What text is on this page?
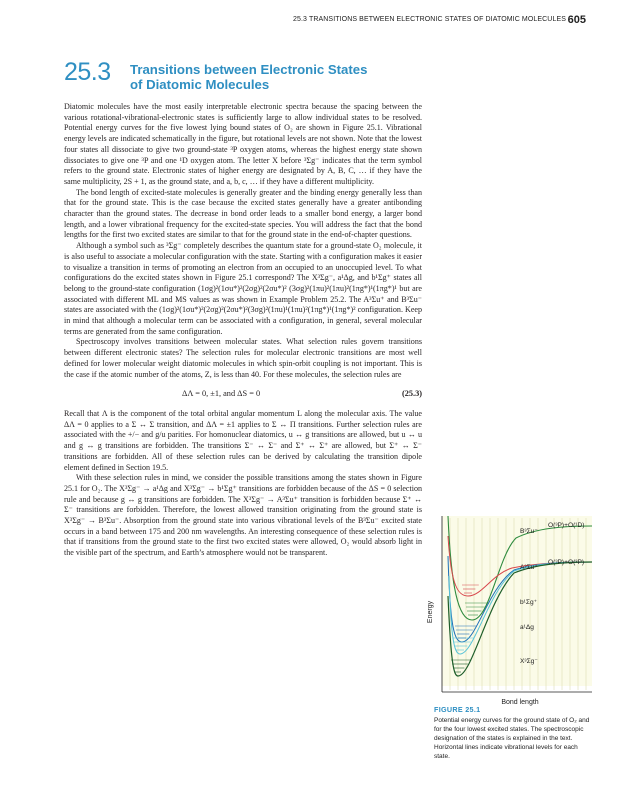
25.3 TRANSITIONS BETWEEN ELECTRONIC STATES OF DIATOMIC MOLECULES 605
25.3 Transitions between Electronic States
of Diatomic Molecules

Diatomic molecules have the most easily interpretable electronic spectra because the spacing between the various rotational-vibrational-electronic states is sufficiently large to allow individual states to be resolved. Potential energy curves for the five lowest lying bound states of O₂ are shown in Figure 25.1. Vibrational energy levels are indicated schematically in the figure, but rotational levels are not shown. Note that the lowest four states all dissociate to give two ground-state ³P oxygen atoms, whereas the highest energy state shown dissociates to give one ³P and one ¹D oxygen atom. The letter X before ³Σg⁻ indicates that the term symbol refers to the ground state. Electronic states of higher energy are designated by A, B, C, … if they have the same multiplicity, 2S + 1, as the ground state, and a, b, c, … if they have a different multiplicity.

The bond length of excited-state molecules is generally greater and the binding energy generally less than that for the ground state. This is the case because the excited states generally have a greater antibonding character than the ground states. The decrease in bond order leads to a smaller bond energy, a larger bond length, and a lower vibrational frequency for the excited-state species. You will address the fact that the bond lengths for the first two excited states are similar to that for the ground state in the end-of-chapter questions.

Although a symbol such as ³Σg⁻ completely describes the quantum state for a ground-state O₂ molecule, it is also useful to associate a molecular configuration with the state. Starting with a configuration makes it easier to visualize a transition in terms of promoting an electron from an occupied to an unoccupied level. To what configurations do the excited states shown in Figure 25.1 correspond? The X³Σg⁻, a¹Δg, and b¹Σg⁺ states all belong to the ground-state configuration (1σg)²(1σu*)²(2σg)²(2σu*)² (3σg)²(1πu)²(1πu)²(1πg*)¹(1πg*)¹ but are associated with different ML and MS values as was shown in Example Problem 25.2. The A³Σu⁺ and B³Σu⁻ states are associated with the (1σg)²(1σu*)²(2σg)²(2σu*)²(3σg)²(1πu)¹(1πu)²(1πg*)¹(1πg*)² configuration. Keep in mind that although a molecular term can be associated with a configuration, in general, several molecular terms are generated from the same configuration.

Spectroscopy involves transitions between molecular states. What selection rules govern transitions between different electronic states? The selection rules for molecular electronic transitions are most well defined for lower molecular weight diatomic molecules in which spin-orbit coupling is not important. This is the case if the atomic number of the atoms, Z, is less than 40. For these molecules, the selection rules are

ΔΛ = 0, ±1, and ΔS = 0	(25.3)

Recall that Λ is the component of the total orbital angular momentum L along the molecular axis. The value ΔΛ = 0 applies to a Σ ↔ Σ transition, and ΔΛ = ±1 applies to Σ ↔ Π transitions. Further selection rules are associated with the +/− and g/u parities. For homonuclear diatomics, u ↔ g transitions are allowed, but u ↔ u and g ↔ g transitions are forbidden. The transitions Σ⁻ ↔ Σ⁻ and Σ⁺ ↔ Σ⁺ are allowed, but Σ⁺ ↔ Σ⁻ transitions are forbidden. All of these selection rules can be derived by calculating the transition dipole element defined in Section 19.5.

With these selection rules in mind, we consider the possible transitions among the states shown in Figure 25.1 for O₂. The X³Σg⁻ → a¹Δg and X³Σg⁻ → b¹Σg⁺ transitions are forbidden because of the ΔS = 0 selection rule and because g ↔ g transitions are forbidden. The X³Σg⁻ → A³Σu⁺ transition is forbidden because Σ⁺ ↔ Σ⁻ transitions are forbidden. Therefore, the lowest allowed transition originating from the ground state is X³Σg⁻ → B³Σu⁻. Absorption from the ground state into various vibrational levels of the B³Σu⁻ excited state occurs in a band between 175 and 200 nm wavelengths. An interesting consequence of these selection rules is that if transitions from the ground state to the first two excited states were allowed, O₂ would absorb light in the visible part of the spectrum, and Earth’s atmosphere would not be transparent.

Energy
Bond length
B³Σu⁻
O(³P)+O(¹D)
A³Σu⁺
O(³P)+O(³P)
b¹Σg⁺
a¹Δg
X³Σg⁻
FIGURE 25.1
Potential energy curves for the ground state of O₂ and for the four lowest excited states. The spectroscopic designation of the states is explained in the text. Horizontal lines indicate vibrational levels for each state.
